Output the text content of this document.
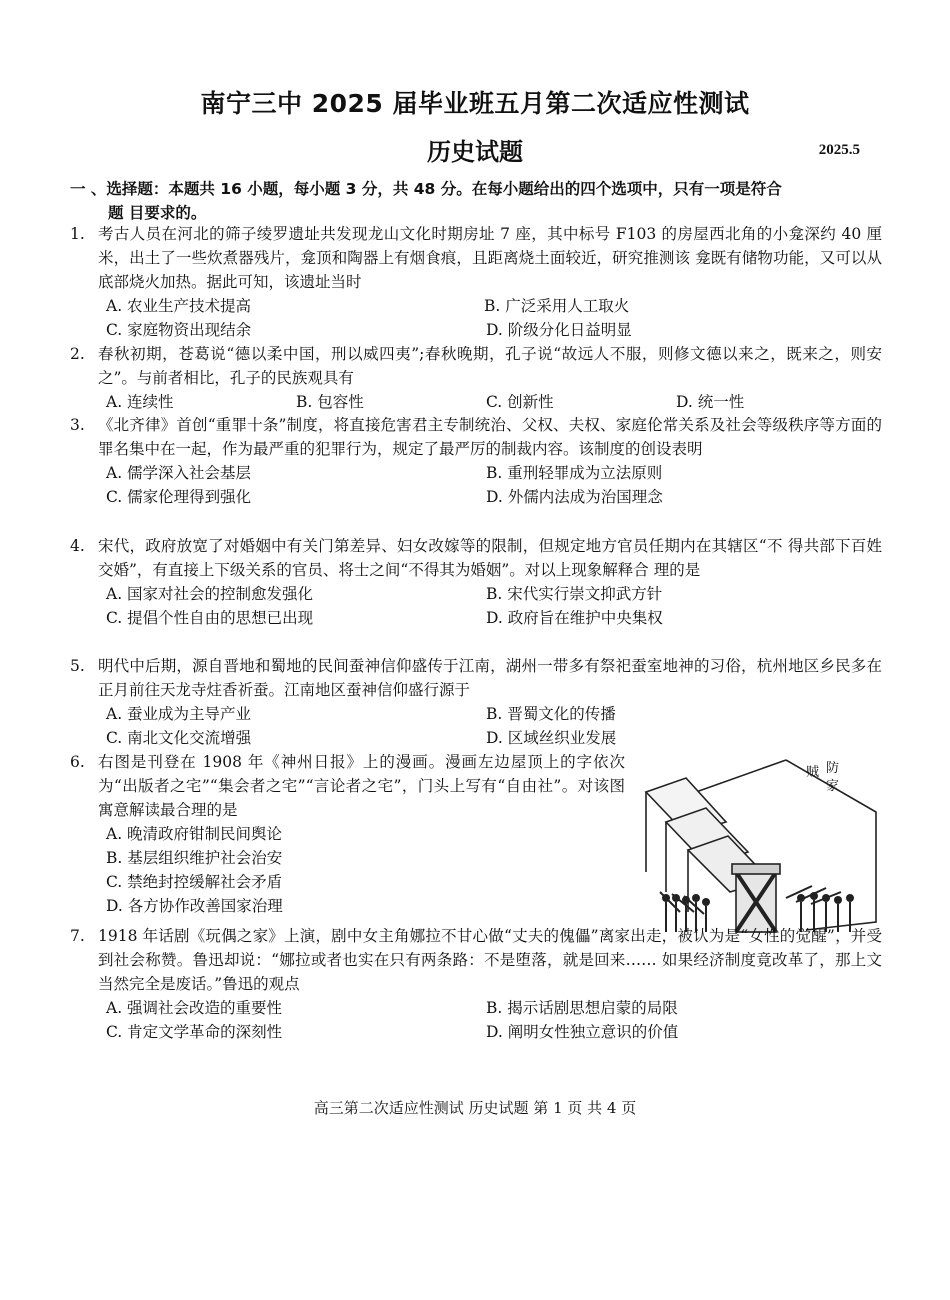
南宁三中 2025 届毕业班五月第二次适应性测试
历史试题	2025.5
一 、选择题：本题共 16 小题，每小题 3 分，共 48 分。在每小题给出的四个选项中，只有一项是符合
题 目要求的。
1. 考古人员在河北的筛子绫罗遗址共发现龙山文化时期房址 7 座，其中标号 F103 的房屋西北角的小龛深约 40 厘米，出土了一些炊煮器残片，龛顶和陶器上有烟食痕，且距离烧土面较近，研究推测该 龛既有储物功能，又可以从底部烧火加热。据此可知，该遗址当时
A. 农业生产技术提高	B. 广泛采用人工取火
C. 家庭物资出现结余	D. 阶级分化日益明显
2. 春秋初期，苍葛说“德以柔中国，刑以威四夷”;春秋晚期，孔子说“故远人不服，则修文德以来之，既来之，则安之”。与前者相比，孔子的民族观具有
A. 连续性	B. 包容性	C. 创新性	D. 统一性
3. 《北齐律》首创“重罪十条”制度，将直接危害君主专制统治、父权、夫权、家庭伦常关系及社会等级秩序等方面的罪名集中在一起，作为最严重的犯罪行为，规定了最严厉的制裁内容。该制度的创设表明
A. 儒学深入社会基层	B. 重刑轻罪成为立法原则
C. 儒家伦理得到强化	D. 外儒内法成为治国理念
4. 宋代，政府放宽了对婚姻中有关门第差异、妇女改嫁等的限制，但规定地方官员任期内在其辖区“不 得共部下百姓交婚”，有直接上下级关系的官员、将士之间“不得其为婚姻”。对以上现象解释合 理的是
A. 国家对社会的控制愈发强化	B. 宋代实行崇文抑武方针
C. 提倡个性自由的思想已出现	D. 政府旨在维护中央集权
5. 明代中后期，源自晋地和蜀地的民间蚕神信仰盛传于江南，湖州一带多有祭祀蚕室地神的习俗，杭州地区乡民多在正月前往天龙寺炷香祈蚕。江南地区蚕神信仰盛行源于
A. 蚕业成为主导产业	B. 晋蜀文化的传播
C. 南北文化交流增强	D. 区域丝织业发展
6. 右图是刊登在 1908 年《神州日报》上的漫画。漫画左边屋顶上的字依次为“出版者之宅”“集会者之宅”“言论者之宅”，门头上写有“自由社”。对该图寓意解读最合理的是
A. 晚清政府钳制民间舆论
B. 基层组织维护社会治安
C. 禁绝封控缓解社会矛盾
D. 各方协作改善国家治理
贼 防
家
7. 1918 年话剧《玩偶之家》上演，剧中女主角娜拉不甘心做“丈夫的傀儡”离家出走，被认为是“女性的觉醒”，并受到社会称赞。鲁迅却说：“娜拉或者也实在只有两条路：不是堕落，就是回来…… 如果经济制度竟改革了，那上文当然完全是废话。”鲁迅的观点
A. 强调社会改造的重要性	B. 揭示话剧思想启蒙的局限
C. 肯定文学革命的深刻性	D. 阐明女性独立意识的价值
高三第二次适应性测试 历史试题 第 1 页 共 4 页
